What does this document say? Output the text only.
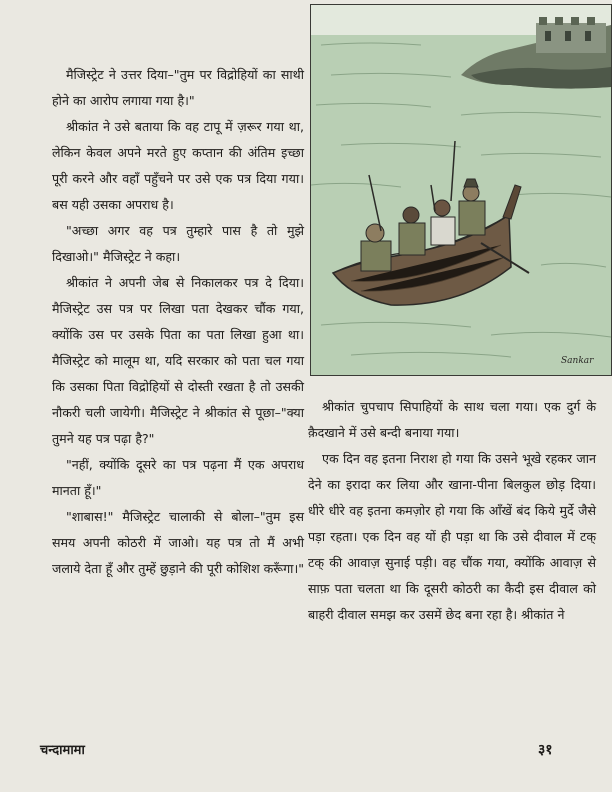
मैजिस्ट्रेट ने उत्तर दिया–"तुम पर विद्रोहियों का साथी होने का आरोप लगाया गया है।"

श्रीकांत ने उसे बताया कि वह टापू में ज़रूर गया था, लेकिन केवल अपने मरते हुए कप्तान की अंतिम इच्छा पूरी करने और वहाँ पहुँचने पर उसे एक पत्र दिया गया। बस यही उसका अपराध है।

"अच्छा अगर वह पत्र तुम्हारे पास है तो मुझे दिखाओ।" मैजिस्ट्रेट ने कहा।

श्रीकांत ने अपनी जेब से निकालकर पत्र दे दिया। मैजिस्ट्रेट उस पत्र पर लिखा पता देखकर चौंक गया, क्योंकि उस पर उसके पिता का पता लिखा हुआ था। मैजिस्ट्रेट को मालूम था, यदि सरकार को पता चल गया कि उसका पिता विद्रोहियों से दोस्ती रखता है तो उसकी नौकरी चली जायेगी। मैजिस्ट्रेट ने श्रीकांत से पूछा–"क्या तुमने यह पत्र पढ़ा है?"

"नहीं, क्योंकि दूसरे का पत्र पढ़ना मैं एक अपराध मानता हूँ।"

"शाबास!" मैजिस्ट्रेट चालाकी से बोला–"तुम इस समय अपनी कोठरी में जाओ। यह पत्र तो मैं अभी जलाये देता हूँ और तुम्हें छुड़ाने की पूरी कोशिश करूँगा।"

Sankar

श्रीकांत चुपचाप सिपाहियों के साथ चला गया। एक दुर्ग के क़ैदखाने में उसे बन्दी बनाया गया।

एक दिन वह इतना निराश हो गया कि उसने भूखे रहकर जान देने का इरादा कर लिया और खाना-पीना बिलकुल छोड़ दिया। धीरे धीरे वह इतना कमज़ोर हो गया कि आँखें बंद किये मुर्दे जैसे पड़ा रहता। एक दिन वह यों ही पड़ा था कि उसे दीवाल में टक् टक् की आवाज़ सुनाई पड़ी। वह चौंक गया, क्योंकि आवाज़ से साफ़ पता चलता था कि दूसरी कोठरी का कैदी इस दीवाल को बाहरी दीवाल समझ कर उसमें छेद बना रहा है। श्रीकांत ने

चन्दामामा	३१
